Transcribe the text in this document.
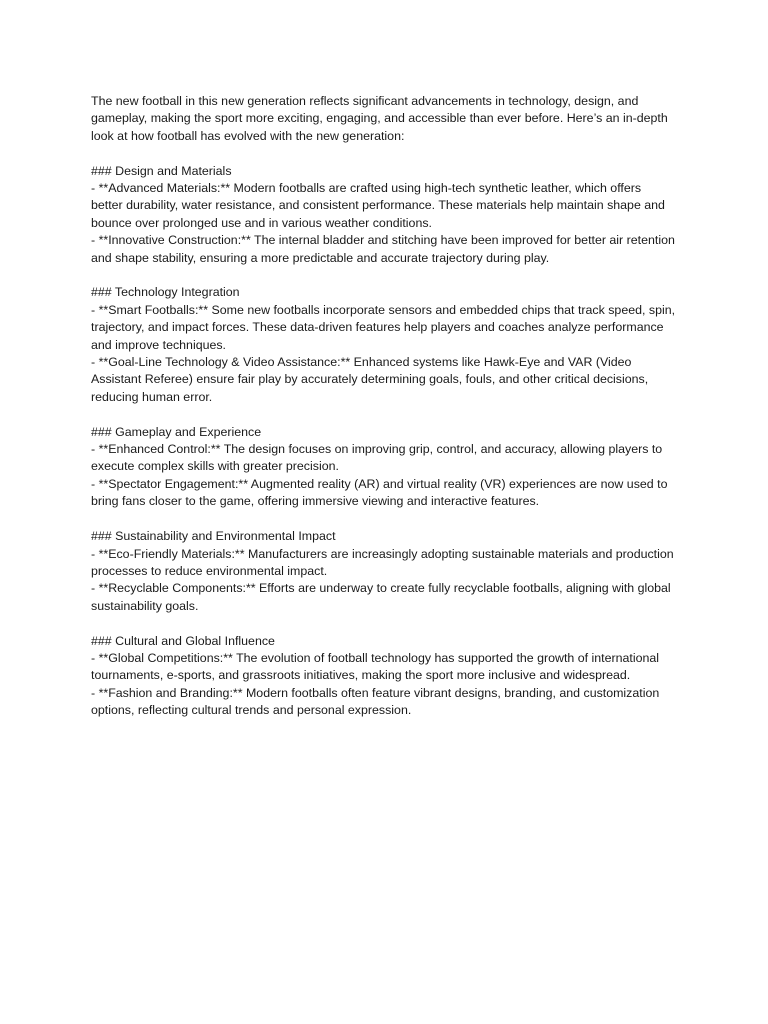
The new football in this new generation reflects significant advancements in technology, design, and gameplay, making the sport more exciting, engaging, and accessible than ever before. Here’s an in-depth look at how football has evolved with the new generation:

### Design and Materials
- **Advanced Materials:** Modern footballs are crafted using high-tech synthetic leather, which offers better durability, water resistance, and consistent performance. These materials help maintain shape and bounce over prolonged use and in various weather conditions.
- **Innovative Construction:** The internal bladder and stitching have been improved for better air retention and shape stability, ensuring a more predictable and accurate trajectory during play.
### Technology Integration
- **Smart Footballs:** Some new footballs incorporate sensors and embedded chips that track speed, spin, trajectory, and impact forces. These data-driven features help players and coaches analyze performance and improve techniques.
- **Goal-Line Technology & Video Assistance:** Enhanced systems like Hawk-Eye and VAR (Video Assistant Referee) ensure fair play by accurately determining goals, fouls, and other critical decisions, reducing human error.
### Gameplay and Experience
- **Enhanced Control:** The design focuses on improving grip, control, and accuracy, allowing players to execute complex skills with greater precision.
- **Spectator Engagement:** Augmented reality (AR) and virtual reality (VR) experiences are now used to bring fans closer to the game, offering immersive viewing and interactive features.
### Sustainability and Environmental Impact
- **Eco-Friendly Materials:** Manufacturers are increasingly adopting sustainable materials and production processes to reduce environmental impact.
- **Recyclable Components:** Efforts are underway to create fully recyclable footballs, aligning with global sustainability goals.
### Cultural and Global Influence
- **Global Competitions:** The evolution of football technology has supported the growth of international tournaments, e-sports, and grassroots initiatives, making the sport more inclusive and widespread.
- **Fashion and Branding:** Modern footballs often feature vibrant designs, branding, and customization options, reflecting cultural trends and personal expression.
